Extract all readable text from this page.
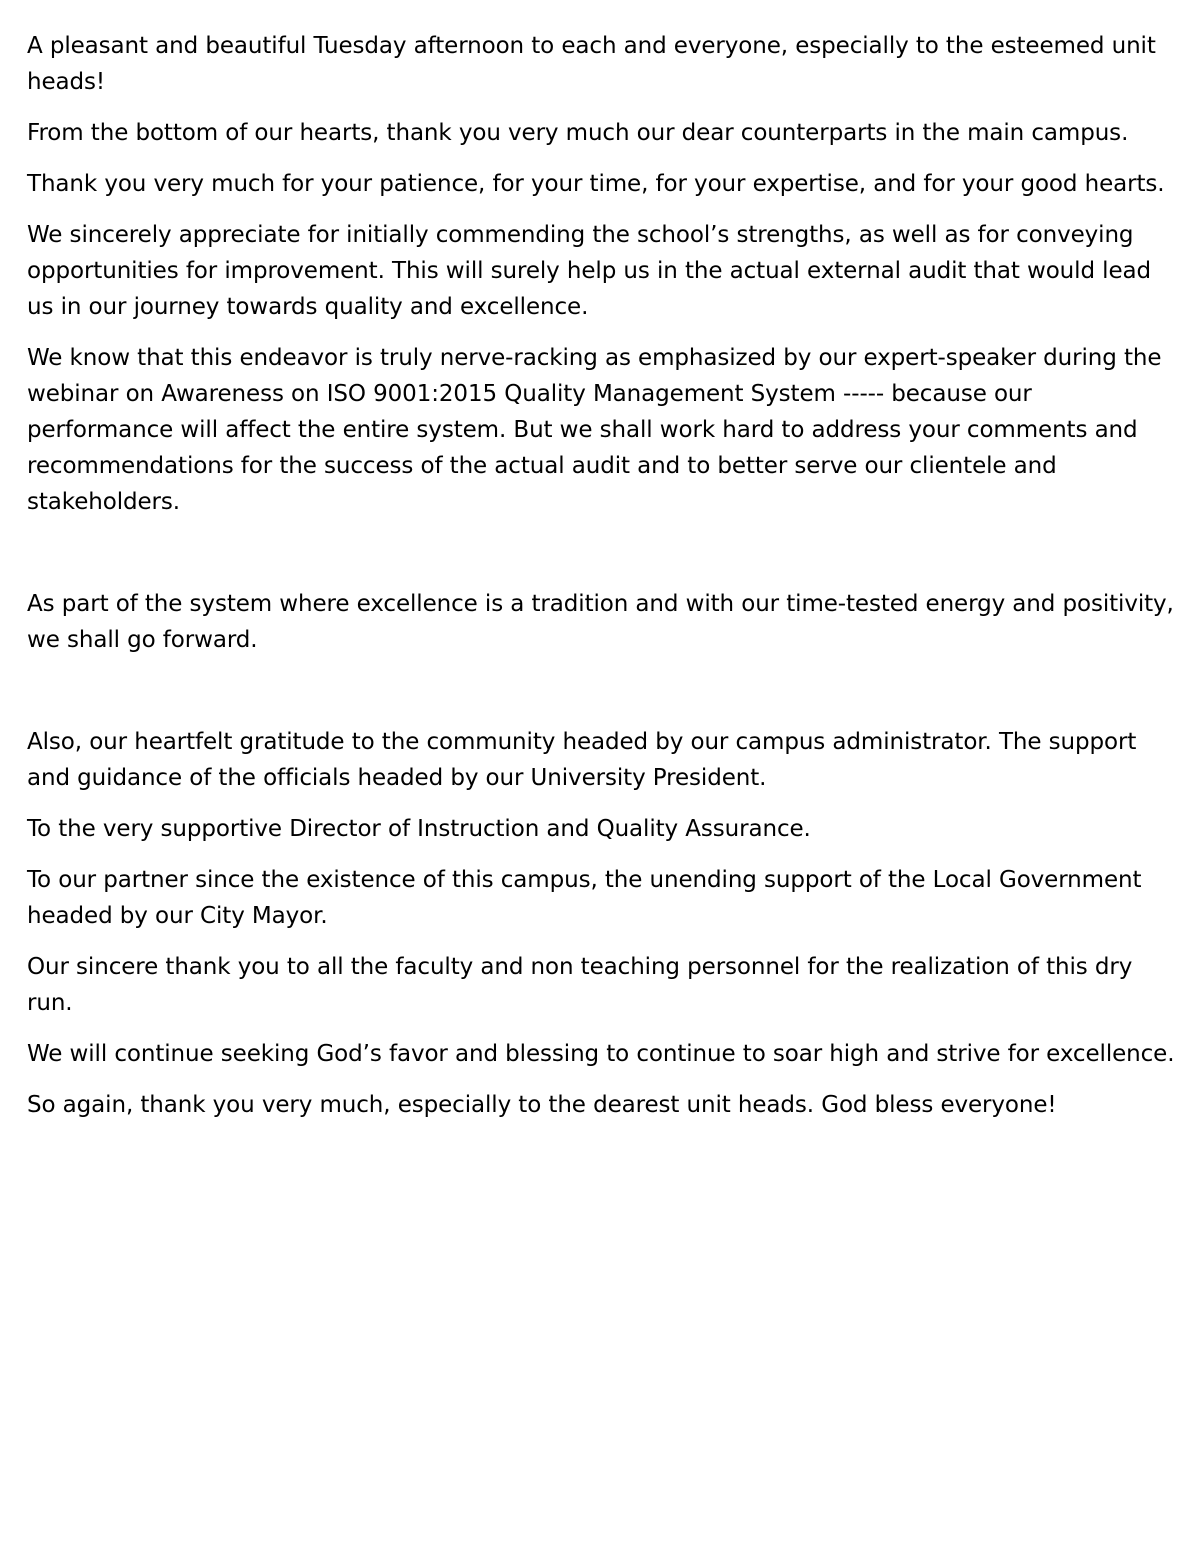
A pleasant and beautiful Tuesday afternoon to each and everyone, especially to the esteemed unit heads!

From the bottom of our hearts, thank you very much our dear counterparts in the main campus.

Thank you very much for your patience, for your time, for your expertise, and for your good hearts.

We sincerely appreciate for initially commending the school’s strengths, as well as for conveying opportunities for improvement. This will surely help us in the actual external audit that would lead us in our journey towards quality and excellence.

We know that this endeavor is truly nerve-racking as emphasized by our expert-speaker during the webinar on Awareness on ISO 9001:2015 Quality Management System ----- because our performance will affect the entire system. But we shall work hard to address your comments and recommendations for the success of the actual audit and to better serve our clientele and stakeholders.

As part of the system where excellence is a tradition and with our time-tested energy and positivity, we shall go forward.

Also, our heartfelt gratitude to the community headed by our campus administrator. The support and guidance of the officials headed by our University President.

To the very supportive Director of Instruction and Quality Assurance.

To our partner since the existence of this campus, the unending support of the Local Government headed by our City Mayor.

Our sincere thank you to all the faculty and non teaching personnel for the realization of this dry run.

We will continue seeking God’s favor and blessing to continue to soar high and strive for excellence.

So again, thank you very much, especially to the dearest unit heads. God bless everyone!
